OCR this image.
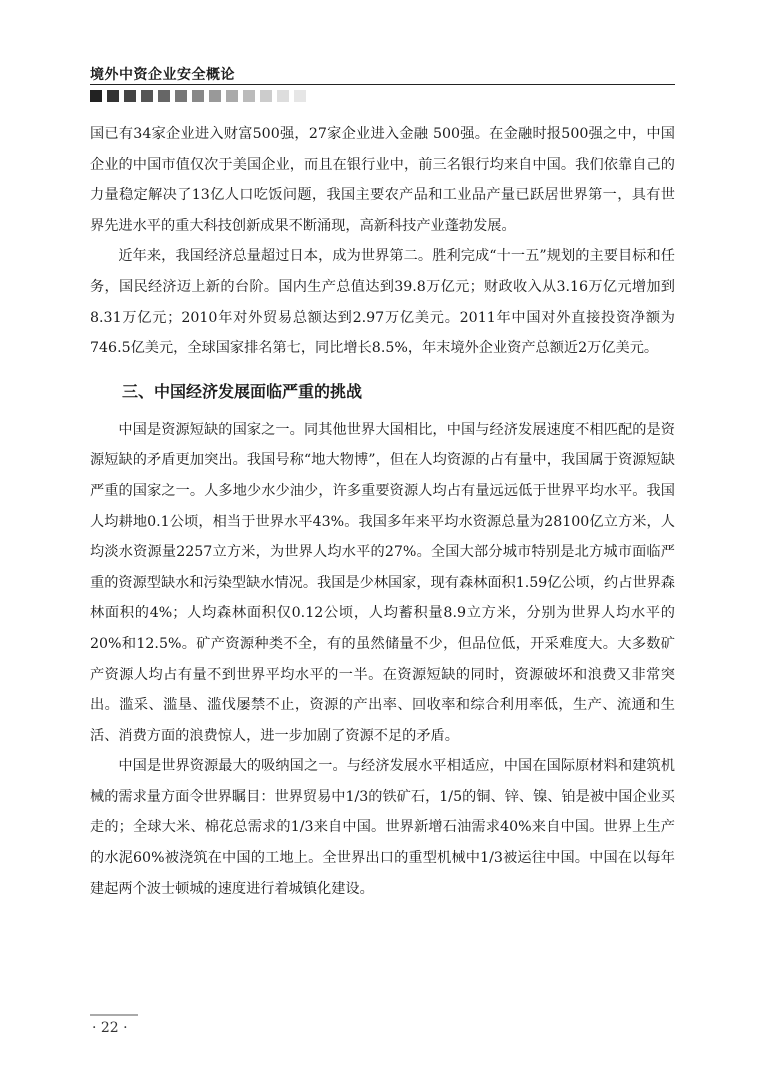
境外中资企业安全概论

国已有34家企业进入财富500强，27家企业进入金融 500强。在金融时报500强之中，中国企业的中国市值仅次于美国企业，而且在银行业中，前三名银行均来自中国。我们依靠自己的力量稳定解决了13亿人口吃饭问题，我国主要农产品和工业品产量已跃居世界第一，具有世界先进水平的重大科技创新成果不断涌现，高新科技产业蓬勃发展。

近年来，我国经济总量超过日本，成为世界第二。胜利完成“十一五”规划的主要目标和任务，国民经济迈上新的台阶。国内生产总值达到39.8万亿元；财政收入从3.16万亿元增加到8.31万亿元；2010年对外贸易总额达到2.97万亿美元。2011年中国对外直接投资净额为746.5亿美元，全球国家排名第七，同比增长8.5%，年末境外企业资产总额近2万亿美元。

三、中国经济发展面临严重的挑战

中国是资源短缺的国家之一。同其他世界大国相比，中国与经济发展速度不相匹配的是资源短缺的矛盾更加突出。我国号称“地大物博”，但在人均资源的占有量中，我国属于资源短缺严重的国家之一。人多地少水少油少，许多重要资源人均占有量远远低于世界平均水平。我国人均耕地0.1公顷，相当于世界水平43%。我国多年来平均水资源总量为28100亿立方米，人均淡水资源量2257立方米，为世界人均水平的27%。全国大部分城市特别是北方城市面临严重的资源型缺水和污染型缺水情况。我国是少林国家，现有森林面积1.59亿公顷，约占世界森林面积的4%；人均森林面积仅0.12公顷，人均蓄积量8.9立方米，分别为世界人均水平的20%和12.5%。矿产资源种类不全，有的虽然储量不少，但品位低，开采难度大。大多数矿产资源人均占有量不到世界平均水平的一半。在资源短缺的同时，资源破坏和浪费又非常突出。滥采、滥垦、滥伐屡禁不止，资源的产出率、回收率和综合利用率低，生产、流通和生活、消费方面的浪费惊人，进一步加剧了资源不足的矛盾。

中国是世界资源最大的吸纳国之一。与经济发展水平相适应，中国在国际原材料和建筑机械的需求量方面令世界瞩目：世界贸易中1/3的铁矿石，1/5的铜、锌、镍、铂是被中国企业买走的；全球大米、棉花总需求的1/3来自中国。世界新增石油需求40%来自中国。世界上生产的水泥60%被浇筑在中国的工地上。全世界出口的重型机械中1/3被运往中国。中国在以每年建起两个波士顿城的速度进行着城镇化建设。

· 22 ·
